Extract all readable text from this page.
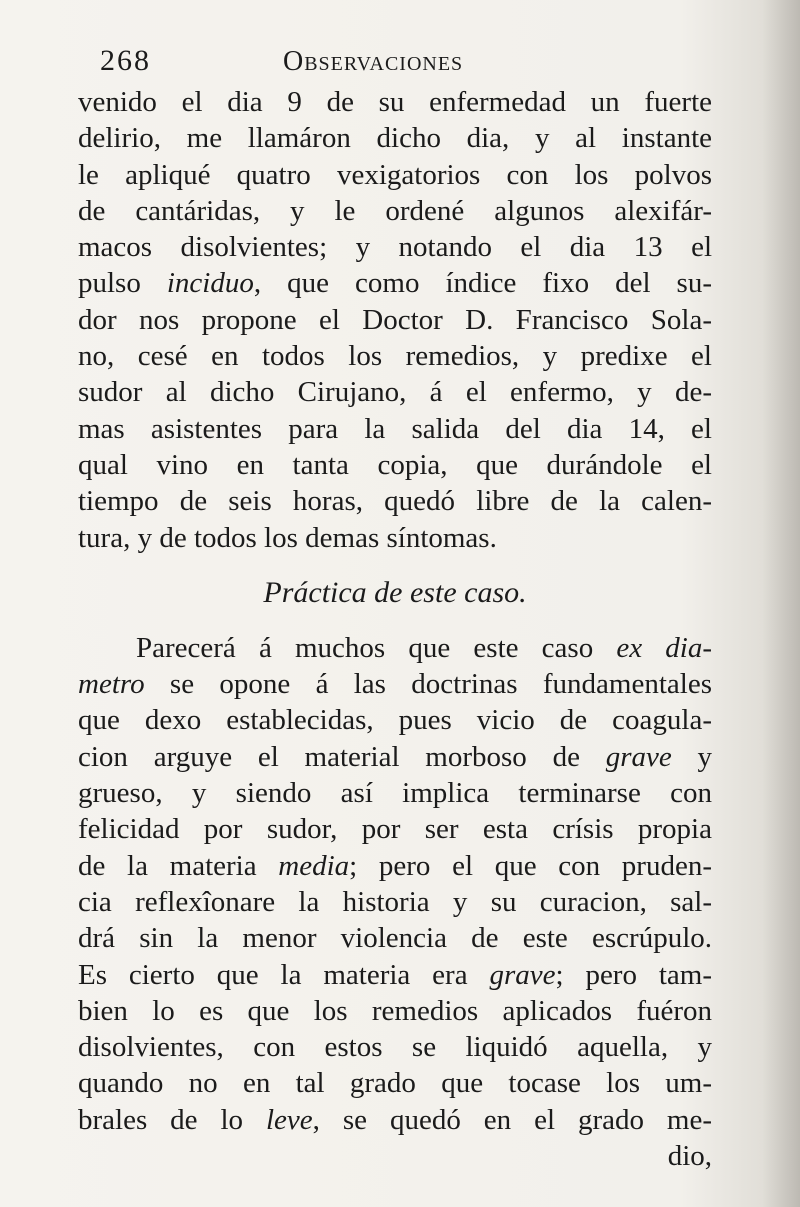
268	Observaciones
venido el dia 9 de su enfermedad un fuerte
delirio, me llamáron dicho dia, y al instante
le apliqué quatro vexigatorios con los polvos
de cantáridas, y le ordené algunos alexifár-
macos disolvientes; y notando el dia 13 el
pulso inciduo, que como índice fixo del su-
dor nos propone el Doctor D. Francisco Sola-
no, cesé en todos los remedios, y predixe el
sudor al dicho Cirujano, á el enfermo, y de-
mas asistentes para la salida del dia 14, el
qual vino en tanta copia, que durándole el
tiempo de seis horas, quedó libre de la calen-
tura, y de todos los demas síntomas.
Práctica de este caso.
Parecerá á muchos que este caso ex dia-
metro se opone á las doctrinas fundamentales
que dexo establecidas, pues vicio de coagula-
cion arguye el material morboso de grave y
grueso, y siendo así implica terminarse con
felicidad por sudor, por ser esta crísis propia
de la materia media; pero el que con pruden-
cia reflexîonare la historia y su curacion, sal-
drá sin la menor violencia de este escrúpulo.
Es cierto que la materia era grave; pero tam-
bien lo es que los remedios aplicados fuéron
disolvientes, con estos se liquidó aquella, y
quando no en tal grado que tocase los um-
brales de lo leve, se quedó en el grado me-
dio,
